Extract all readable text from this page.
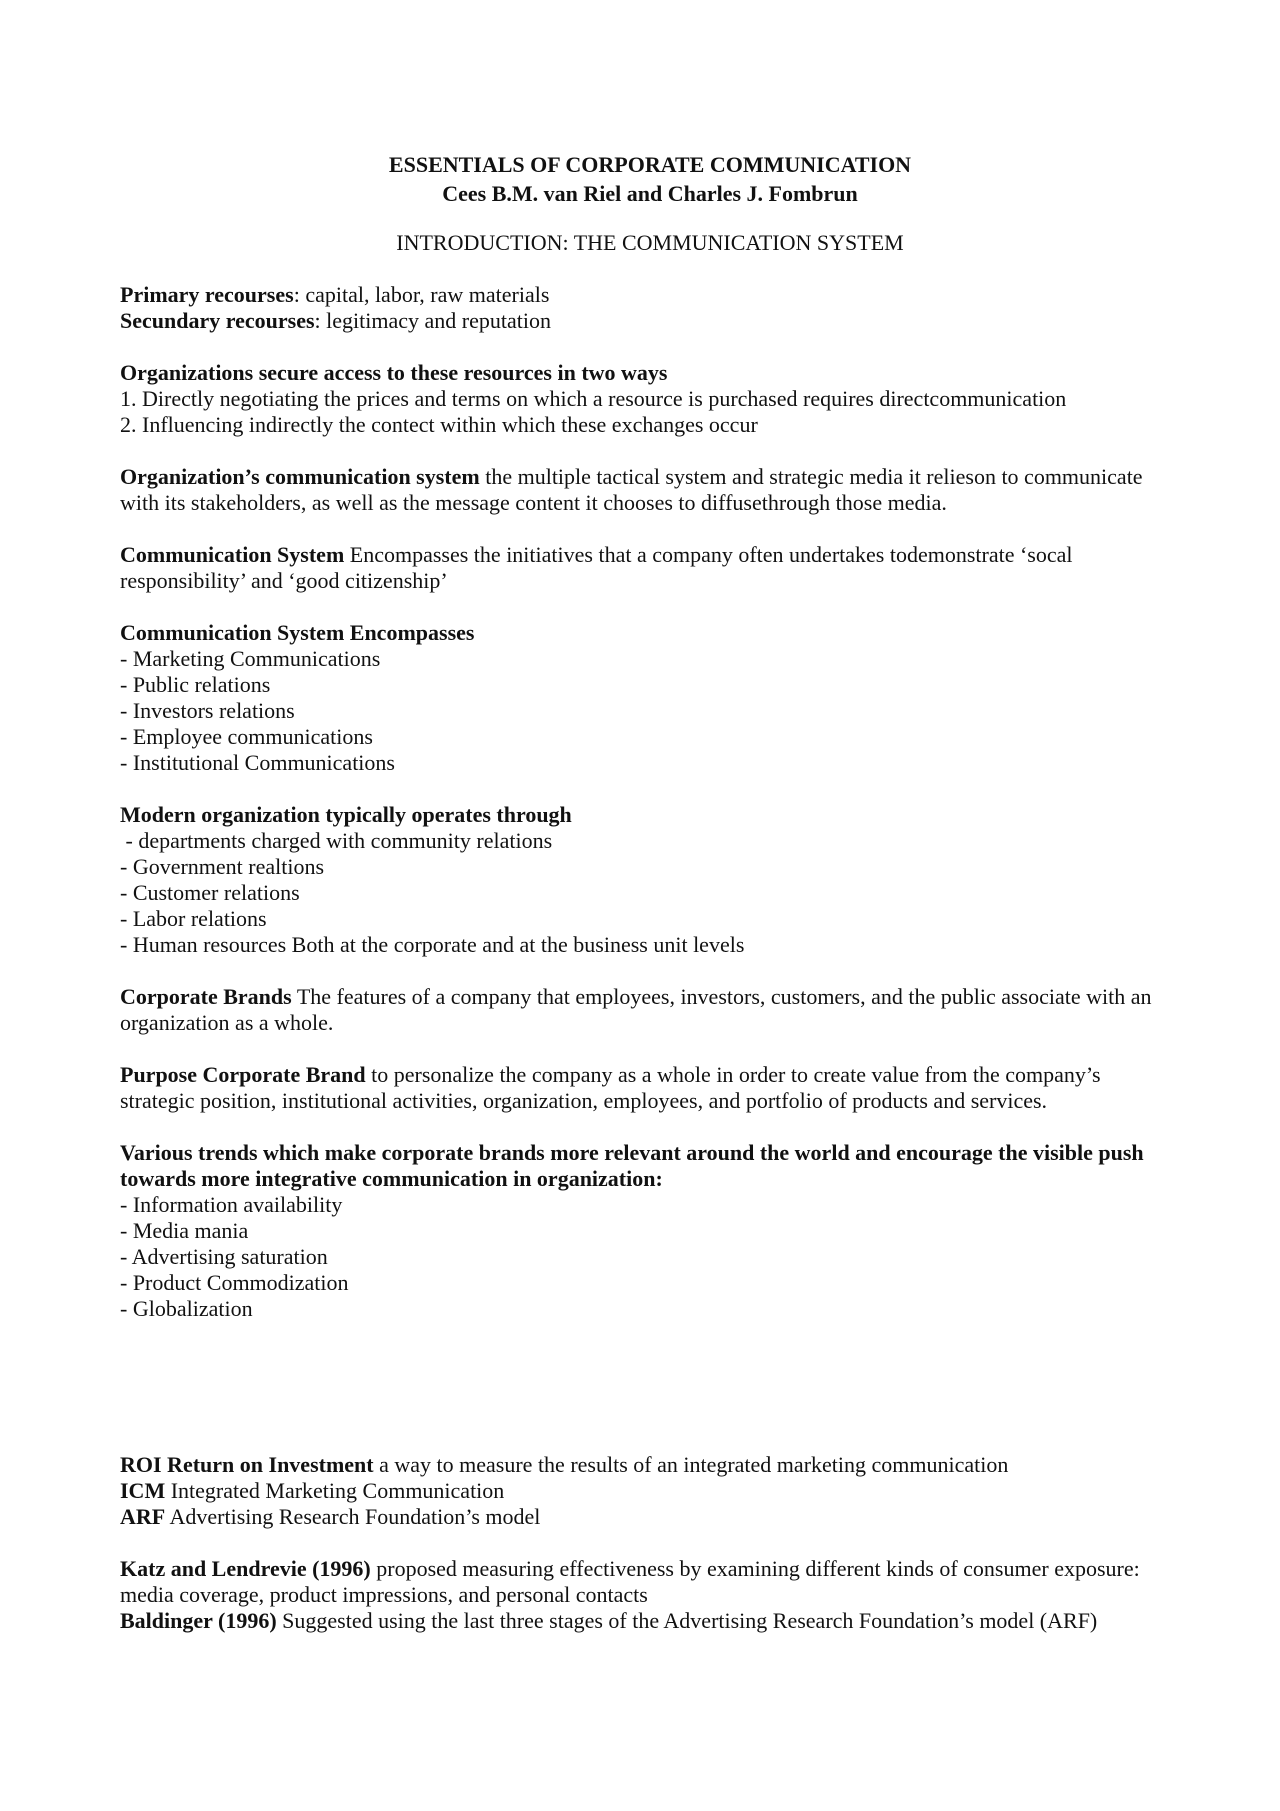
ESSENTIALS OF CORPORATE COMMUNICATION
Cees B.M. van Riel and Charles J. Fombrun
INTRODUCTION: THE COMMUNICATION SYSTEM
Primary recourses: capital, labor, raw materials
Secundary recourses: legitimacy and reputation
Organizations secure access to these resources in two ways
1. Directly negotiating the prices and terms on which a resource is purchased requires directcommunication
2. Influencing indirectly the contect within which these exchanges occur
Organization’s communication system the multiple tactical system and strategic media it relieson to communicate with its stakeholders, as well as the message content it chooses to diffusethrough those media.
Communication System Encompasses the initiatives that a company often undertakes todemonstrate ‘socal responsibility’ and ‘good citizenship’
Communication System Encompasses
- Marketing Communications
- Public relations
- Investors relations
- Employee communications
- Institutional Communications
Modern organization typically operates through
- departments charged with community relations
- Government realtions
- Customer relations
- Labor relations
- Human resources Both at the corporate and at the business unit levels
Corporate Brands The features of a company that employees, investors, customers, and the public associate with an organization as a whole.
Purpose Corporate Brand to personalize the company as a whole in order to create value from the company’s strategic position, institutional activities, organization, employees, and portfolio of products and services.
Various trends which make corporate brands more relevant around the world and encourage the visible push towards more integrative communication in organization:
- Information availability
- Media mania
- Advertising saturation
- Product Commodization
- Globalization
ROI Return on Investment a way to measure the results of an integrated marketing communication
ICM Integrated Marketing Communication
ARF Advertising Research Foundation’s model
Katz and Lendrevie (1996) proposed measuring effectiveness by examining different kinds of consumer exposure: media coverage, product impressions, and personal contacts
Baldinger (1996) Suggested using the last three stages of the Advertising Research Foundation’s model (ARF)
